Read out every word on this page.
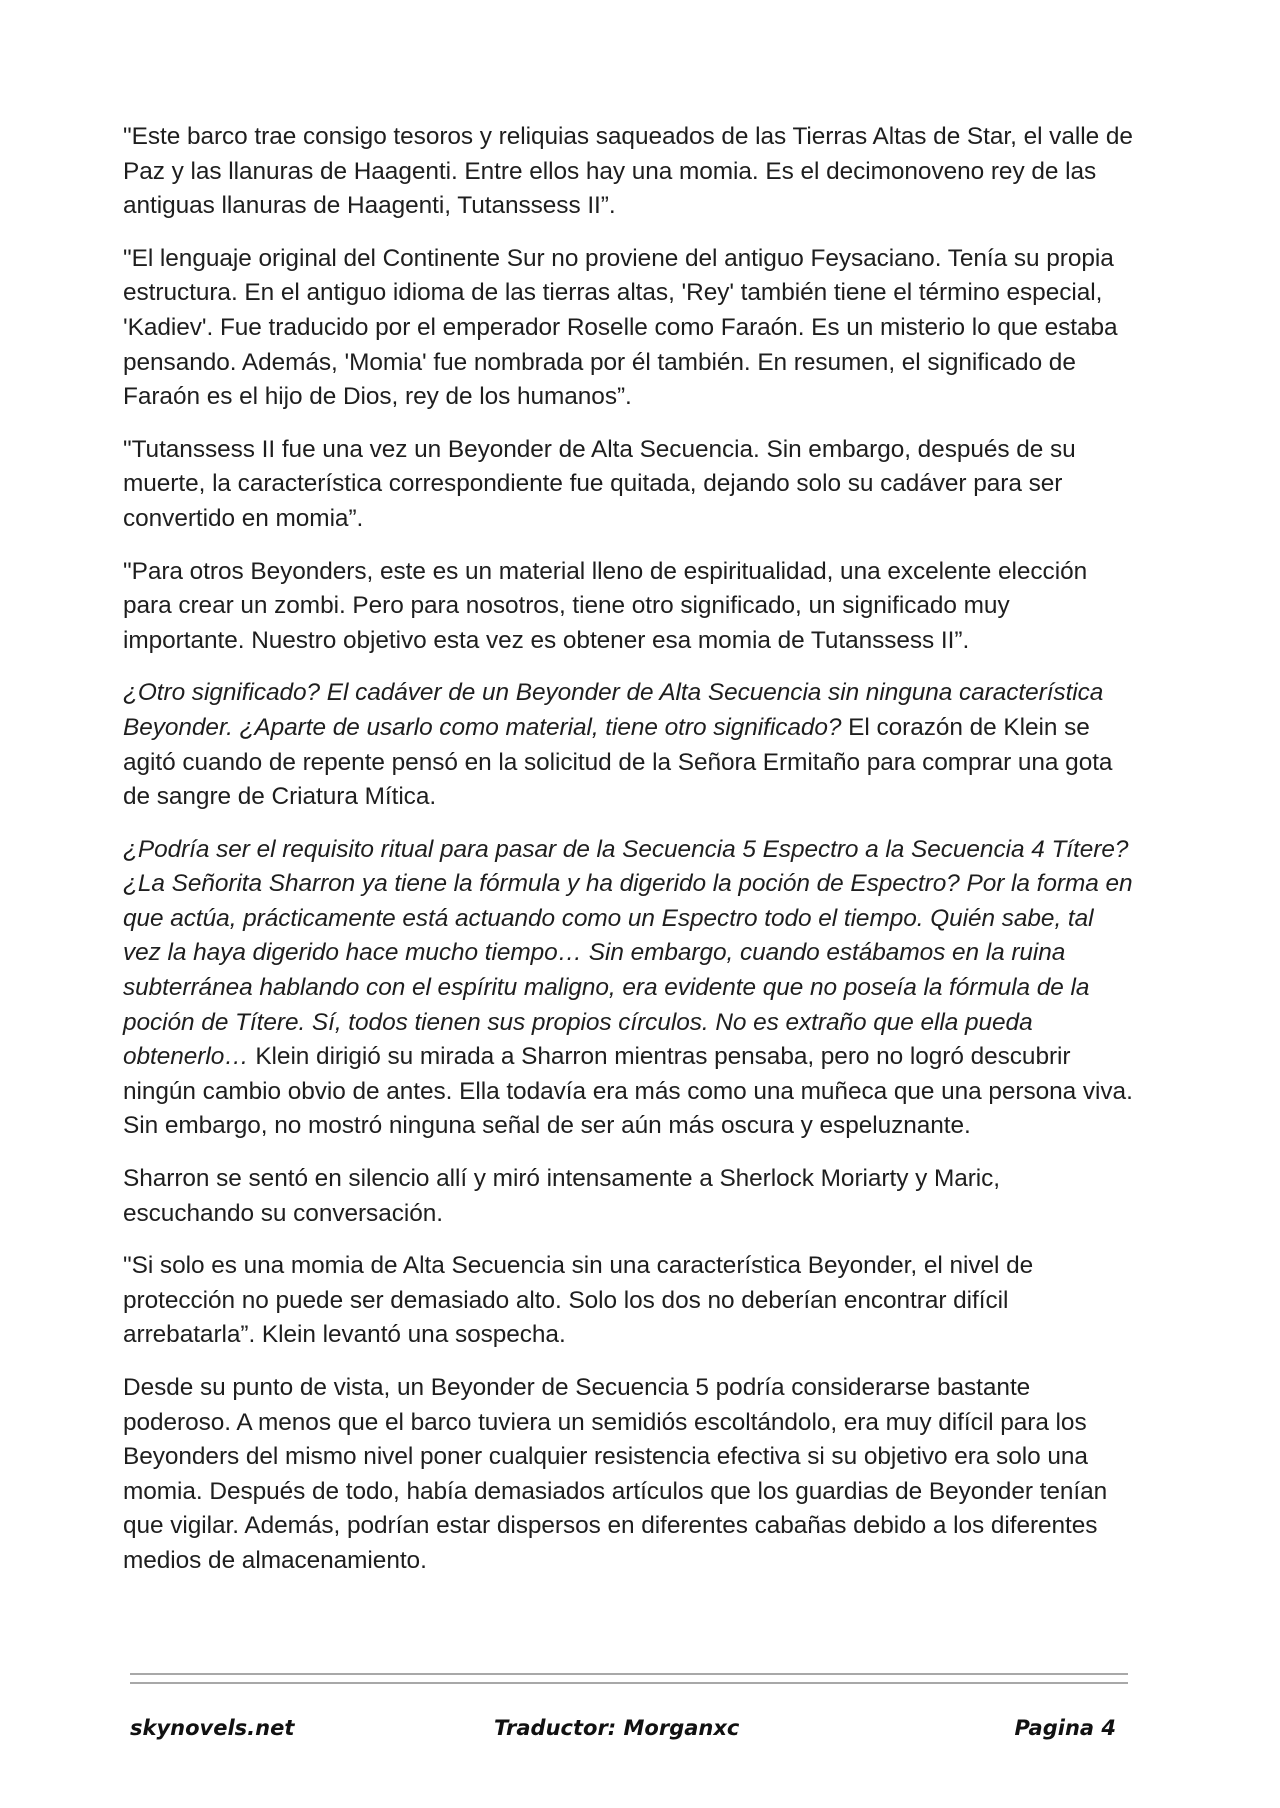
"Este barco trae consigo tesoros y reliquias saqueados de las Tierras Altas de Star, el valle de Paz y las llanuras de Haagenti. Entre ellos hay una momia. Es el decimonoveno rey de las antiguas llanuras de Haagenti, Tutanssess II”.

"El lenguaje original del Continente Sur no proviene del antiguo Feysaciano. Tenía su propia estructura. En el antiguo idioma de las tierras altas, 'Rey' también tiene el término especial, 'Kadiev'. Fue traducido por el emperador Roselle como Faraón. Es un misterio lo que estaba pensando. Además, 'Momia' fue nombrada por él también. En resumen, el significado de Faraón es el hijo de Dios, rey de los humanos”.

"Tutanssess II fue una vez un Beyonder de Alta Secuencia. Sin embargo, después de su muerte, la característica correspondiente fue quitada, dejando solo su cadáver para ser convertido en momia”.

"Para otros Beyonders, este es un material lleno de espiritualidad, una excelente elección para crear un zombi. Pero para nosotros, tiene otro significado, un significado muy importante. Nuestro objetivo esta vez es obtener esa momia de Tutanssess II”.

¿Otro significado? El cadáver de un Beyonder de Alta Secuencia sin ninguna característica Beyonder. ¿Aparte de usarlo como material, tiene otro significado? El corazón de Klein se agitó cuando de repente pensó en la solicitud de la Señora Ermitaño para comprar una gota de sangre de Criatura Mítica.

¿Podría ser el requisito ritual para pasar de la Secuencia 5 Espectro a la Secuencia 4 Títere? ¿La Señorita Sharron ya tiene la fórmula y ha digerido la poción de Espectro? Por la forma en que actúa, prácticamente está actuando como un Espectro todo el tiempo. Quién sabe, tal vez la haya digerido hace mucho tiempo… Sin embargo, cuando estábamos en la ruina subterránea hablando con el espíritu maligno, era evidente que no poseía la fórmula de la poción de Títere. Sí, todos tienen sus propios círculos. No es extraño que ella pueda obtenerlo… Klein dirigió su mirada a Sharron mientras pensaba, pero no logró descubrir ningún cambio obvio de antes. Ella todavía era más como una muñeca que una persona viva. Sin embargo, no mostró ninguna señal de ser aún más oscura y espeluznante.

Sharron se sentó en silencio allí y miró intensamente a Sherlock Moriarty y Maric, escuchando su conversación.

"Si solo es una momia de Alta Secuencia sin una característica Beyonder, el nivel de protección no puede ser demasiado alto. Solo los dos no deberían encontrar difícil arrebatarla”. Klein levantó una sospecha.

Desde su punto de vista, un Beyonder de Secuencia 5 podría considerarse bastante poderoso. A menos que el barco tuviera un semidiós escoltándolo, era muy difícil para los Beyonders del mismo nivel poner cualquier resistencia efectiva si su objetivo era solo una momia. Después de todo, había demasiados artículos que los guardias de Beyonder tenían que vigilar. Además, podrían estar dispersos en diferentes cabañas debido a los diferentes medios de almacenamiento.

skynovels.net	Traductor: Morganxc	Pagina 4
